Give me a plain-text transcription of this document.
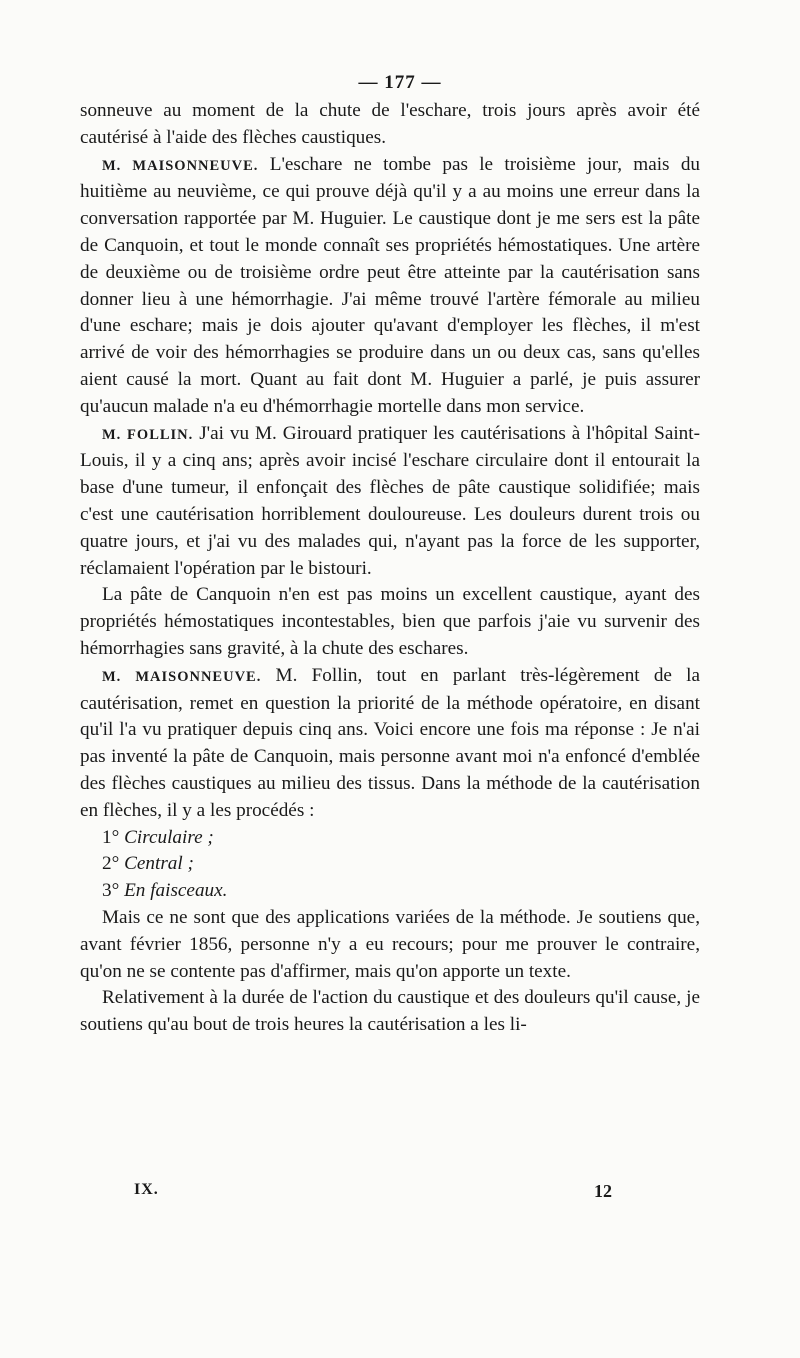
— 177 —

sonneuve au moment de la chute de l'eschare, trois jours après avoir été cautérisé à l'aide des flèches caustiques.

M. MAISONNEUVE. L'eschare ne tombe pas le troisième jour, mais du huitième au neuvième, ce qui prouve déjà qu'il y a au moins une erreur dans la conversation rapportée par M. Huguier. Le caustique dont je me sers est la pâte de Canquoin, et tout le monde connaît ses propriétés hémostatiques. Une artère de deuxième ou de troisième ordre peut être atteinte par la cautérisation sans donner lieu à une hémorrhagie. J'ai même trouvé l'artère fémorale au milieu d'une eschare; mais je dois ajouter qu'avant d'employer les flèches, il m'est arrivé de voir des hémorrhagies se produire dans un ou deux cas, sans qu'elles aient causé la mort. Quant au fait dont M. Huguier a parlé, je puis assurer qu'aucun malade n'a eu d'hémorrhagie mortelle dans mon service.

M. FOLLIN. J'ai vu M. Girouard pratiquer les cautérisations à l'hôpital Saint-Louis, il y a cinq ans; après avoir incisé l'eschare circulaire dont il entourait la base d'une tumeur, il enfonçait des flèches de pâte caustique solidifiée; mais c'est une cautérisation horriblement douloureuse. Les douleurs durent trois ou quatre jours, et j'ai vu des malades qui, n'ayant pas la force de les supporter, réclamaient l'opération par le bistouri.

La pâte de Canquoin n'en est pas moins un excellent caustique, ayant des propriétés hémostatiques incontestables, bien que parfois j'aie vu survenir des hémorrhagies sans gravité, à la chute des eschares.

M. MAISONNEUVE. M. Follin, tout en parlant très-légèrement de la cautérisation, remet en question la priorité de la méthode opératoire, en disant qu'il l'a vu pratiquer depuis cinq ans. Voici encore une fois ma réponse : Je n'ai pas inventé la pâte de Canquoin, mais personne avant moi n'a enfoncé d'emblée des flèches caustiques au milieu des tissus. Dans la méthode de la cautérisation en flèches, il y a les procédés :

1° Circulaire ;

2° Central ;

3° En faisceaux.

Mais ce ne sont que des applications variées de la méthode. Je soutiens que, avant février 1856, personne n'y a eu recours; pour me prouver le contraire, qu'on ne se contente pas d'affirmer, mais qu'on apporte un texte.

Relativement à la durée de l'action du caustique et des douleurs qu'il cause, je soutiens qu'au bout de trois heures la cautérisation a les li-

IX.	12
